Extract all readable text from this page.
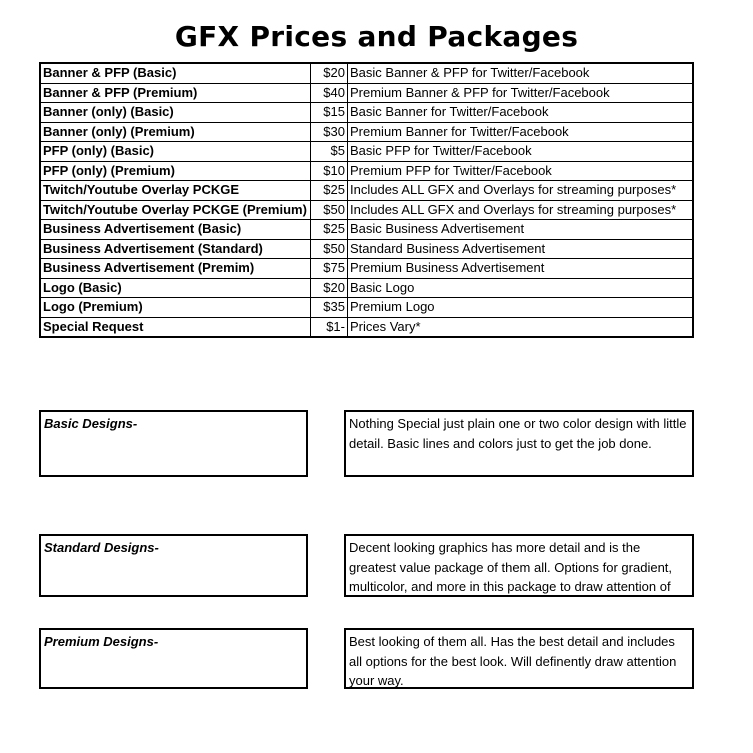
GFX Prices and Packages
Banner & PFP (Basic)	$20	Basic Banner & PFP for Twitter/Facebook
Banner & PFP (Premium)	$40	Premium Banner & PFP for Twitter/Facebook
Banner (only) (Basic)	$15	Basic Banner for Twitter/Facebook
Banner (only) (Premium)	$30	Premium Banner for Twitter/Facebook
PFP (only) (Basic)	$5	Basic PFP for Twitter/Facebook
PFP (only) (Premium)	$10	Premium PFP for Twitter/Facebook
Twitch/Youtube Overlay PCKGE	$25	Includes ALL GFX and Overlays for streaming purposes*
Twitch/Youtube Overlay PCKGE (Premium)	$50	Includes ALL GFX and Overlays for streaming purposes*
Business Advertisement (Basic)	$25	Basic Business Advertisement
Business Advertisement (Standard)	$50	Standard Business Advertisement
Business Advertisement (Premim)	$75	Premium Business Advertisement
Logo (Basic)	$20	Basic Logo
Logo (Premium)	$35	Premium Logo
Special Request	$1-	Prices Vary*
Basic Designs-	Nothing Special just plain one or two color design with little detail. Basic lines and colors just to get the job done.
Standard Designs-	Decent looking graphics has more detail and is the greatest value package of them all. Options for gradient, multicolor, and more in this package to draw attention of
Premium Designs-	Best looking of them all. Has the best detail and includes all options for the best look. Will definently draw attention your way.
